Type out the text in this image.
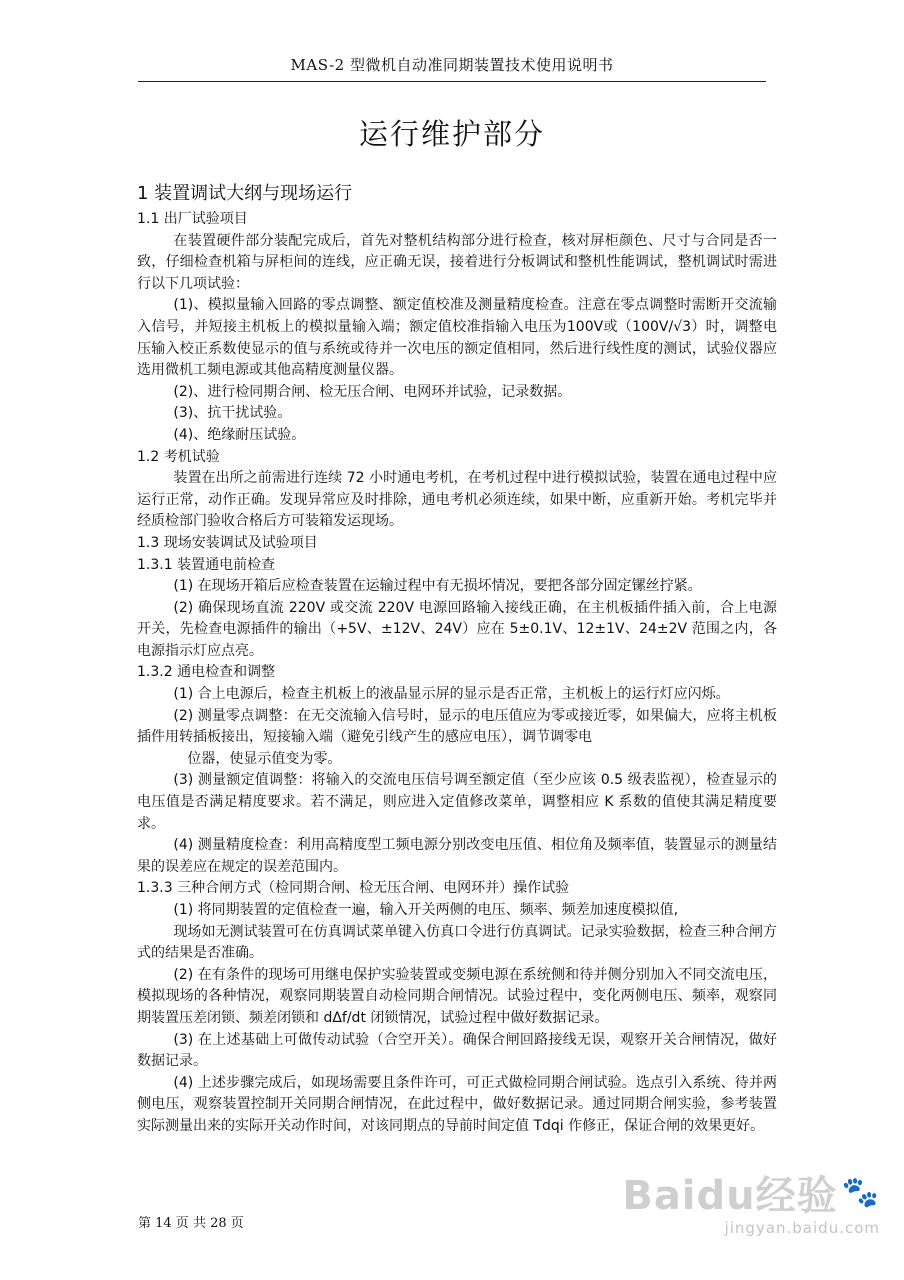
MAS-2 型微机自动准同期装置技术使用说明书
运行维护部分
1 装置调试大纲与现场运行
1.1 出厂试验项目

在装置硬件部分装配完成后，首先对整机结构部分进行检查，核对屏柜颜色、尺寸与合同是否一致，仔细检查机箱与屏柜间的连线，应正确无误，接着进行分板调试和整机性能调试，整机调试时需进行以下几项试验：

(1)、模拟量输入回路的零点调整、额定值校准及测量精度检查。注意在零点调整时需断开交流输入信号，并短接主机板上的模拟量输入端；额定值校准指输入电压为100V或（100V/√3）时，调整电压输入校正系数使显示的值与系统或待并一次电压的额定值相同，然后进行线性度的测试，试验仪器应选用微机工频电源或其他高精度测量仪器。

(2)、进行检同期合闸、检无压合闸、电网环并试验，记录数据。

(3)、抗干扰试验。

(4)、绝缘耐压试验。

1.2 考机试验

装置在出所之前需进行连续 72 小时通电考机，在考机过程中进行模拟试验，装置在通电过程中应运行正常，动作正确。发现异常应及时排除，通电考机必须连续，如果中断，应重新开始。考机完毕并经质检部门验收合格后方可装箱发运现场。

1.3 现场安装调试及试验项目
1.3.1 装置通电前检查

(1) 在现场开箱后应检查装置在运输过程中有无损坏情况，要把各部分固定镙丝拧紧。

(2) 确保现场直流 220V 或交流 220V 电源回路输入接线正确，在主机板插件插入前，合上电源开关，先检查电源插件的输出（+5V、±12V、24V）应在 5±0.1V、12±1V、24±2V 范围之内，各电源指示灯应点亮。

1.3.2 通电检查和调整

(1) 合上电源后，检查主机板上的液晶显示屏的显示是否正常，主机板上的运行灯应闪烁。

(2) 测量零点调整：在无交流输入信号时，显示的电压值应为零或接近零，如果偏大，应将主机板插件用转插板接出，短接输入端（避免引线产生的感应电压），调节调零电

位器，使显示值变为零。

(3) 测量额定值调整：将输入的交流电压信号调至额定值（至少应该 0.5 级表监视），检查显示的电压值是否满足精度要求。若不满足，则应进入定值修改菜单，调整相应 K 系数的值使其满足精度要求。

(4) 测量精度检查：利用高精度型工频电源分别改变电压值、相位角及频率值，装置显示的测量结果的误差应在规定的误差范围内。

1.3.3 三种合闸方式（检同期合闸、检无压合闸、电网环并）操作试验

(1) 将同期装置的定值检查一遍，输入开关两侧的电压、频率、频差加速度模拟值,

现场如无测试装置可在仿真调试菜单键入仿真口令进行仿真调试。记录实验数据，检查三种合闸方式的结果是否准确。

(2) 在有条件的现场可用继电保护实验装置或变频电源在系统侧和待并侧分别加入不同交流电压，模拟现场的各种情况，观察同期装置自动检同期合闸情况。试验过程中，变化两侧电压、频率，观察同期装置压差闭锁、频差闭锁和 dΔf/dt 闭锁情况，试验过程中做好数据记录。

(3) 在上述基础上可做传动试验（合空开关）。确保合闸回路接线无误，观察开关合闸情况，做好数据记录。

(4) 上述步骤完成后，如现场需要且条件许可，可正式做检同期合闸试验。选点引入系统、待并两侧电压，观察装置控制开关同期合闸情况，在此过程中，做好数据记录。通过同期合闸实验，参考装置实际测量出来的实际开关动作时间，对该同期点的导前时间定值 Tdqi 作修正，保证合闸的效果更好。

第 14 页 共 28 页
Baidu经验 🐾
jingyan.baidu.com
